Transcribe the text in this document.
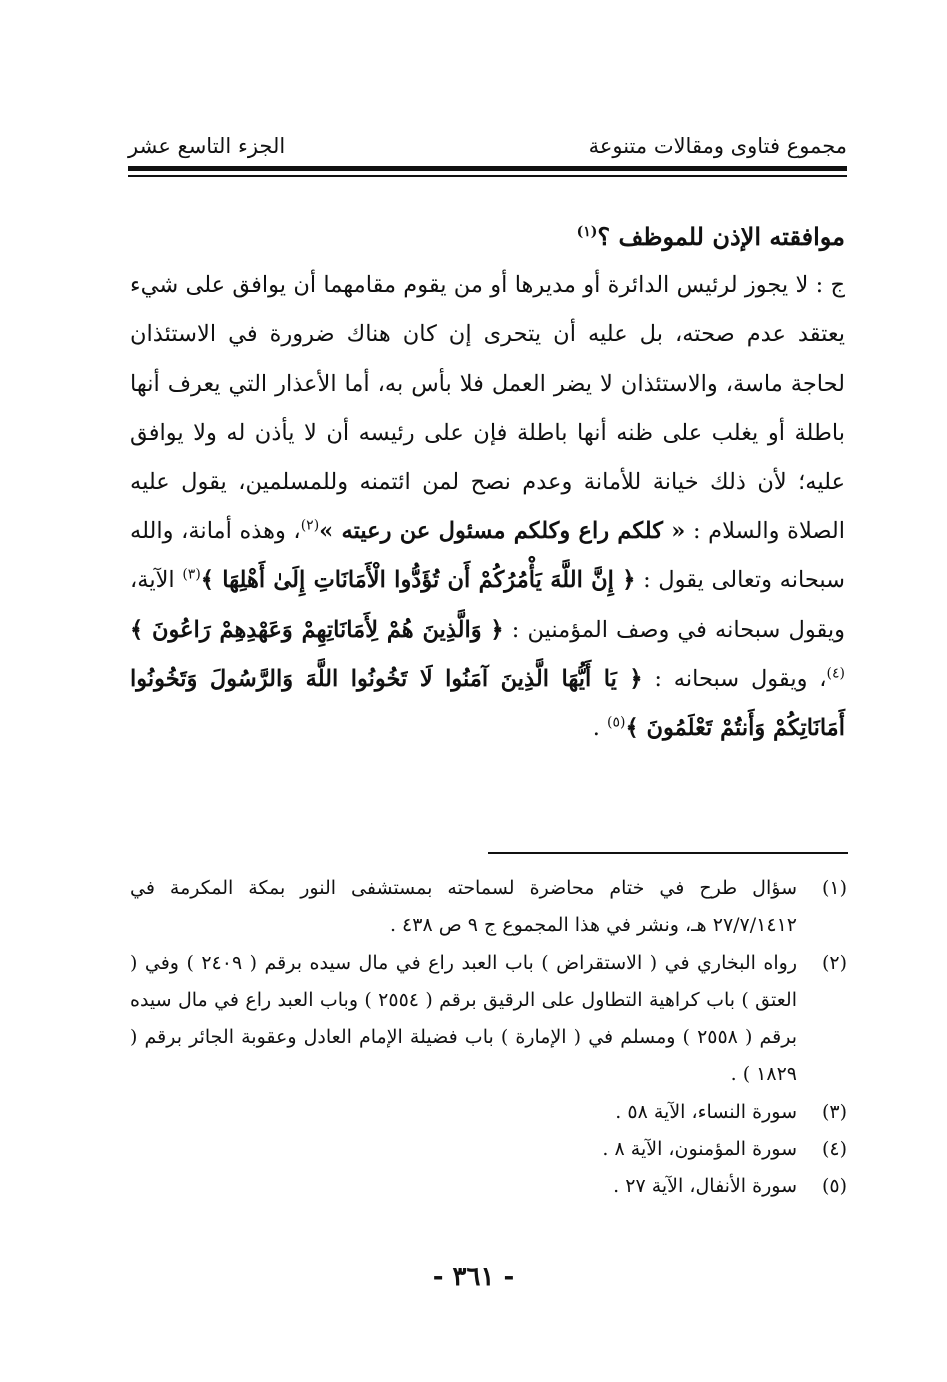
مجموع فتاوى ومقالات متنوعة
الجزء التاسع عشر

موافقته الإذن للموظف ؟$^{(١)}$

ج : لا يجوز لرئيس الدائرة أو مديرها أو من يقوم مقامهما أن يوافق على شيء يعتقد عدم صحته، بل عليه أن يتحرى إن كان هناك ضرورة في الاستئذان لحاجة ماسة، والاستئذان لا يضر العمل فلا بأس به، أما الأعذار التي يعرف أنها باطلة أو يغلب على ظنه أنها باطلة فإن على رئيسه أن لا يأذن له ولا يوافق عليه؛ لأن ذلك خيانة للأمانة وعدم نصح لمن ائتمنه وللمسلمين، يقول عليه الصلاة والسلام : « كلكم راع وكلكم مسئول عن رعيته »$^{(٢)}$، وهذه أمانة، والله سبحانه وتعالى يقول : ﴿ إِنَّ اللَّهَ يَأْمُرُكُمْ أَن تُؤَدُّوا الْأَمَانَاتِ إِلَىٰ أَهْلِهَا ﴾$^{(٣)}$ الآية، ويقول سبحانه في وصف المؤمنين : ﴿ وَالَّذِينَ هُمْ لِأَمَانَاتِهِمْ وَعَهْدِهِمْ رَاعُونَ ﴾$^{(٤)}$، ويقول سبحانه : ﴿ يَا أَيُّهَا الَّذِينَ آمَنُوا لَا تَخُونُوا اللَّهَ وَالرَّسُولَ وَتَخُونُوا أَمَانَاتِكُمْ وَأَنتُمْ تَعْلَمُونَ ﴾$^{(٥)}$ .

(١)
سؤال طرح في ختام محاضرة لسماحته بمستشفى النور بمكة المكرمة في ٢٧/٧/١٤١٢ هـ، ونشر في هذا المجموع ج ٩ ص ٤٣٨ .
(٢)
رواه البخاري في ( الاستقراض ) باب العبد راع في مال سيده برقم ( ٢٤٠٩ ) وفي ( العتق ) باب كراهية التطاول على الرقيق برقم ( ٢٥٥٤ ) وباب العبد راع في مال سيده برقم ( ٢٥٥٨ ) ومسلم في ( الإمارة ) باب فضيلة الإمام العادل وعقوبة الجائر برقم ( ١٨٢٩ ) .
(٣)
سورة النساء، الآية ٥٨ .
(٤)
سورة المؤمنون، الآية ٨ .
(٥)
سورة الأنفال، الآية ٢٧ .
- ٣٦١ -
